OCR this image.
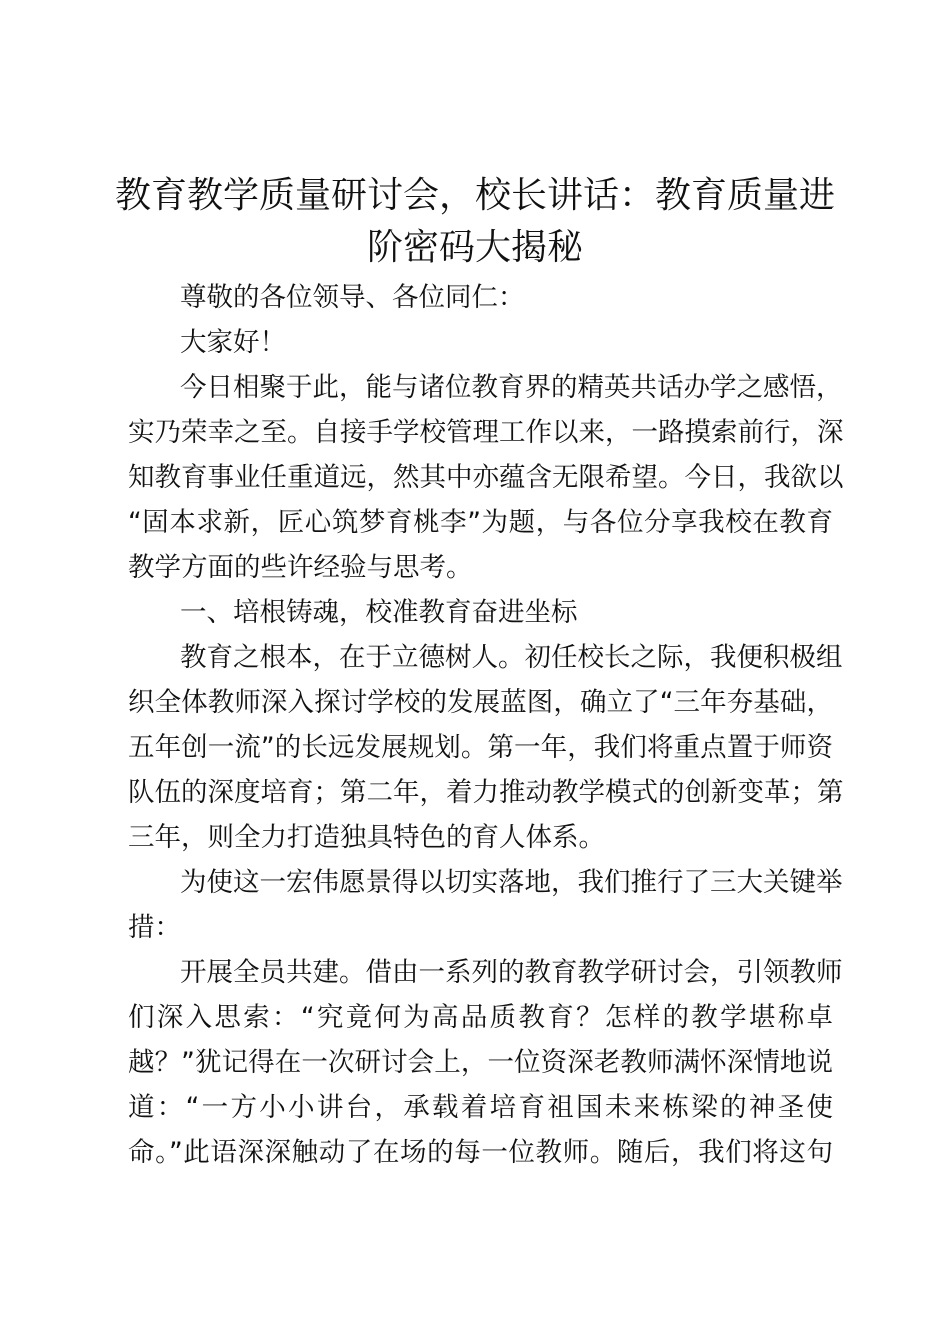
教育教学质量研讨会，校长讲话：教育质量进
阶密码大揭秘
尊敬的各位领导、各位同仁：
大家好！
今日相聚于此，能与诸位教育界的精英共话办学之感悟，
实乃荣幸之至。自接手学校管理工作以来，一路摸索前行，深
知教育事业任重道远，然其中亦蕴含无限希望。今日，我欲以
“固本求新，匠心筑梦育桃李”为题，与各位分享我校在教育
教学方面的些许经验与思考。
一、培根铸魂，校准教育奋进坐标
教育之根本，在于立德树人。初任校长之际，我便积极组
织全体教师深入探讨学校的发展蓝图，确立了“三年夯基础，
五年创一流”的长远发展规划。第一年，我们将重点置于师资
队伍的深度培育；第二年，着力推动教学模式的创新变革；第
三年，则全力打造独具特色的育人体系。
为使这一宏伟愿景得以切实落地，我们推行了三大关键举
措：
开展全员共建。借由一系列的教育教学研讨会，引领教师
们深入思索：“究竟何为高品质教育？怎样的教学堪称卓
越？”犹记得在一次研讨会上，一位资深老教师满怀深情地说
道：“一方小小讲台，承载着培育祖国未来栋梁的神圣使
命。”此语深深触动了在场的每一位教师。随后，我们将这句
